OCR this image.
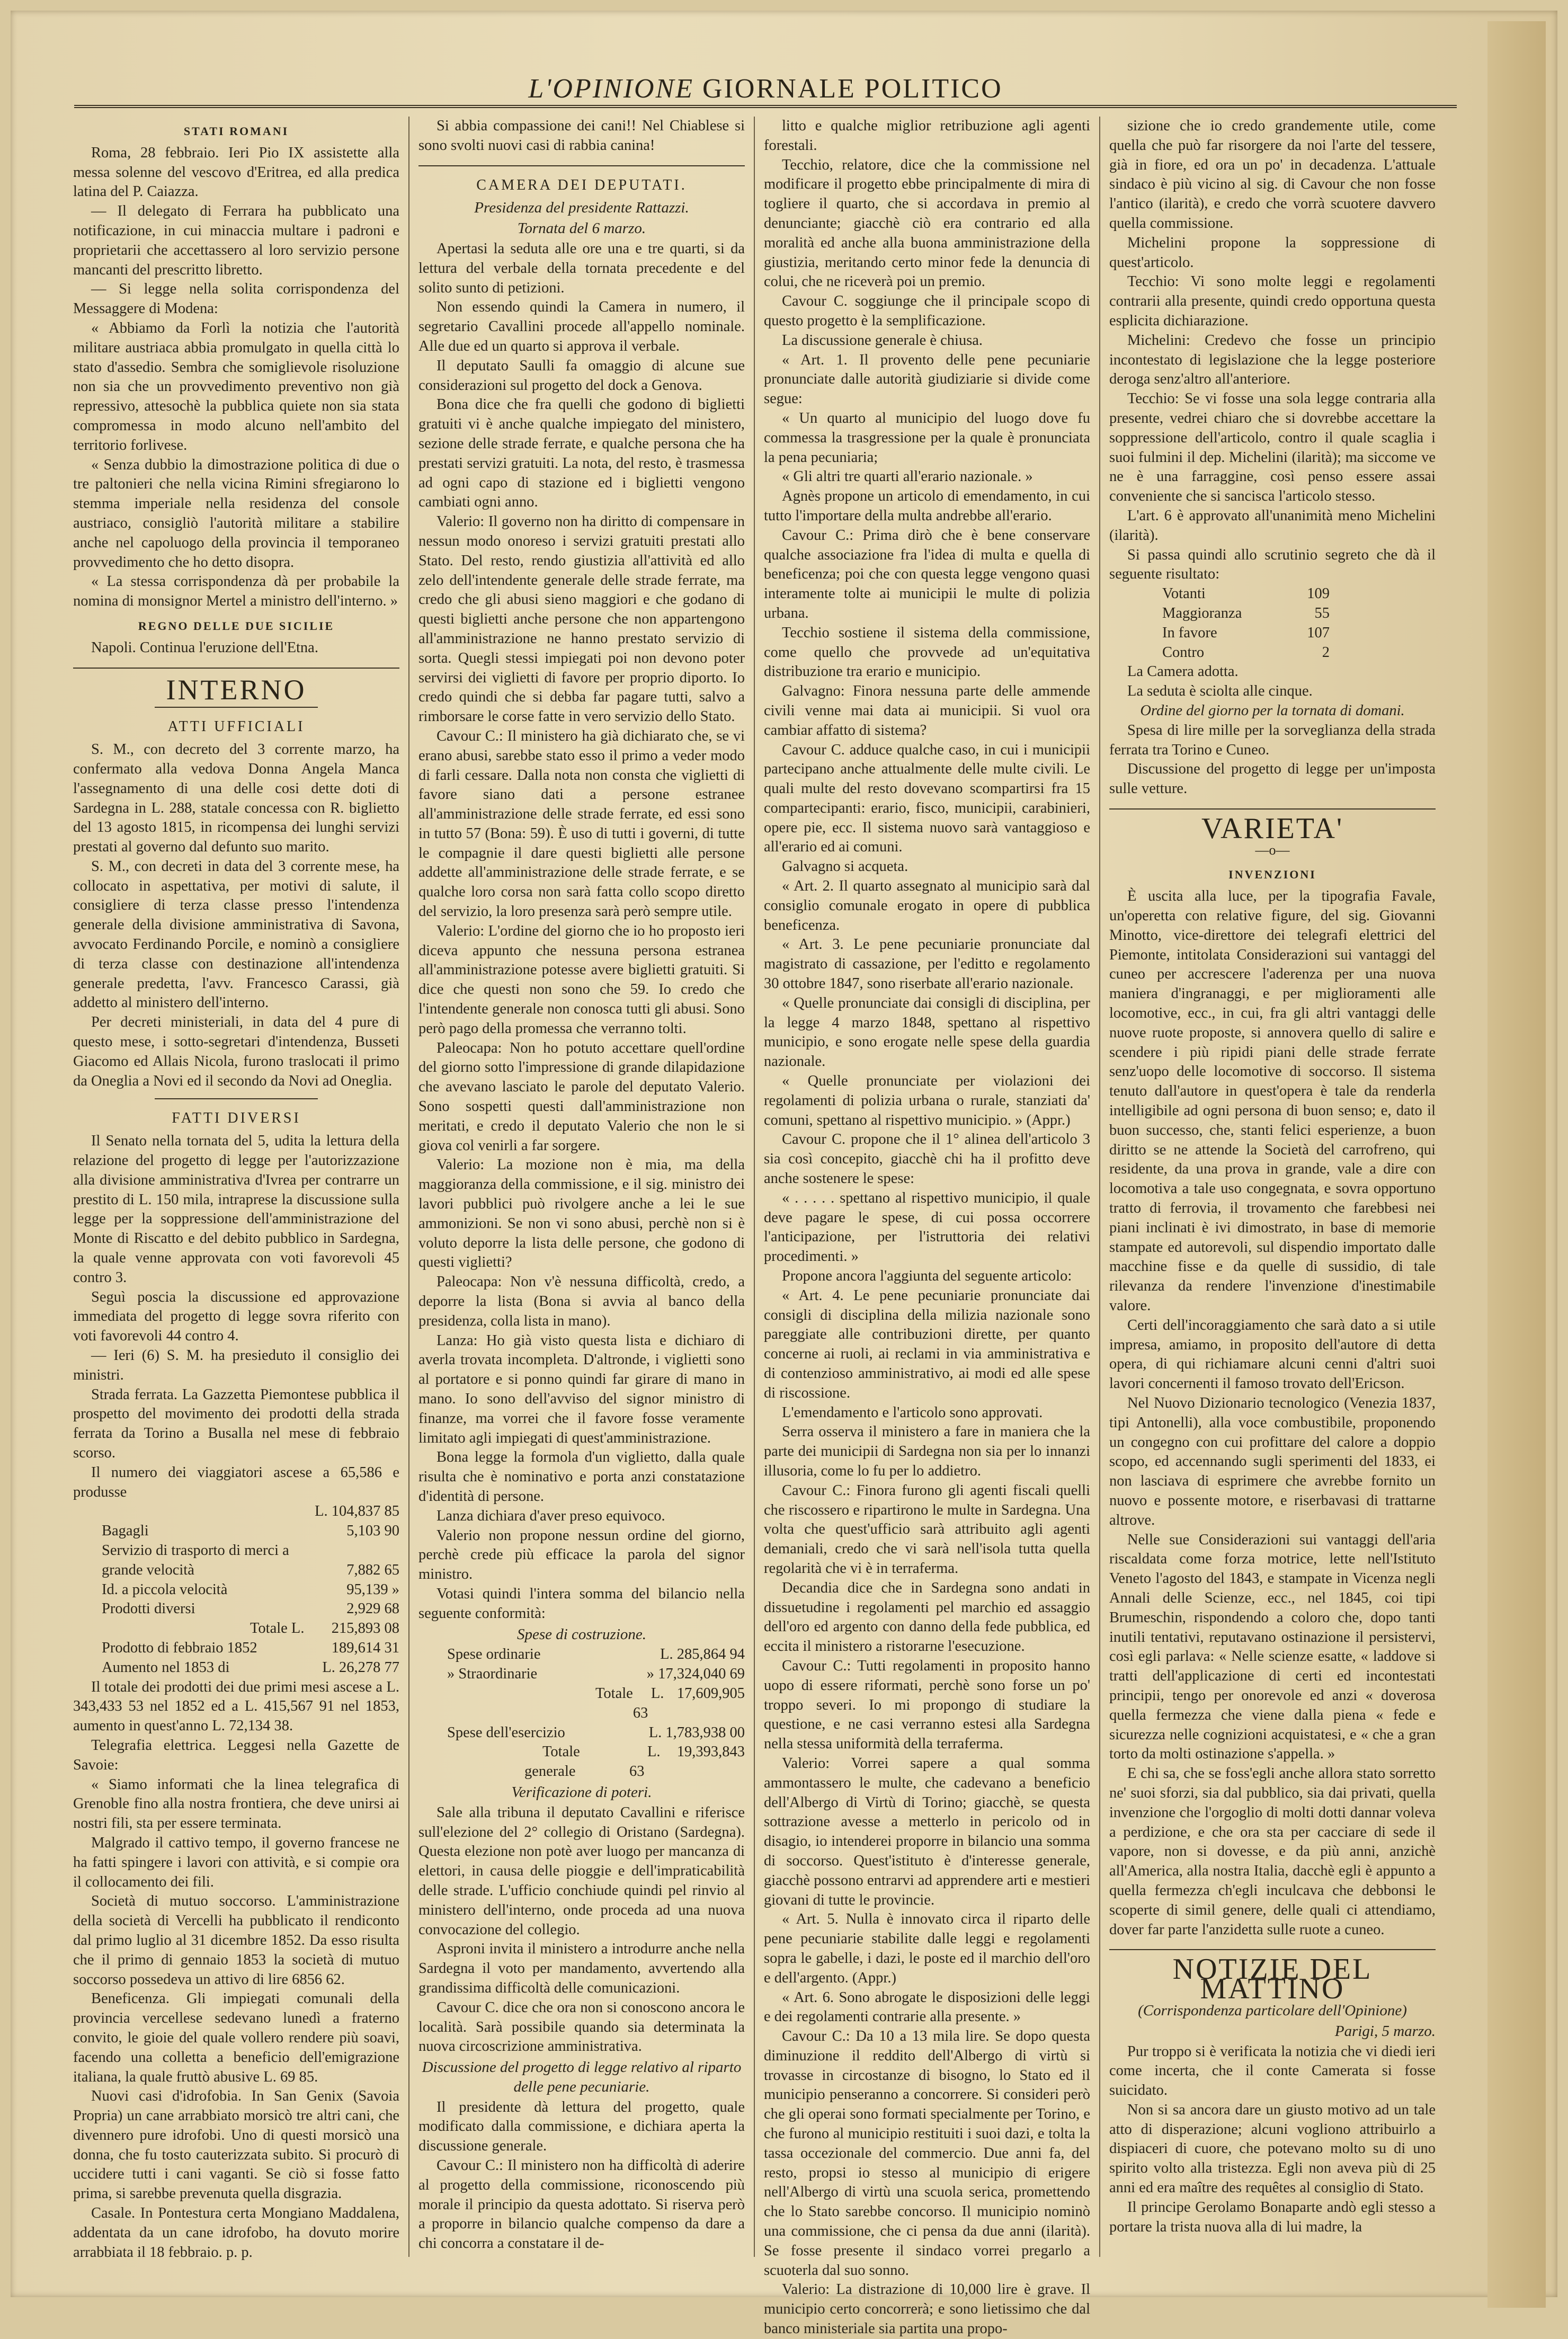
L'OPINIONE GIORNALE POLITICO
STATI ROMANI

Roma, 28 febbraio. Ieri Pio IX assistette alla messa solenne del vescovo d'Eritrea, ed alla predica latina del P. Caiazza.

— Il delegato di Ferrara ha pubblicato una notificazione, in cui minaccia multare i padroni e proprietarii che accettassero al loro servizio persone mancanti del prescritto libretto.

— Si legge nella solita corrispondenza del Messaggere di Modena:

« Abbiamo da Forlì la notizia che l'autorità militare austriaca abbia promulgato in quella città lo stato d'assedio. Sembra che somiglievole risoluzione non sia che un provvedimento preventivo non già repressivo, attesochè la pubblica quiete non sia stata compromessa in modo alcuno nell'ambito del territorio forlivese.

« Senza dubbio la dimostrazione politica di due o tre paltonieri che nella vicina Rimini sfregiarono lo stemma imperiale nella residenza del console austriaco, consigliò l'autorità militare a stabilire anche nel capoluogo della provincia il temporaneo provvedimento che ho detto disopra.

« La stessa corrispondenza dà per probabile la nomina di monsignor Mertel a ministro dell'interno. »

REGNO DELLE DUE SICILIE

Napoli. Continua l'eruzione dell'Etna.

INTERNO
ATTI UFFICIALI

S. M., con decreto del 3 corrente marzo, ha confermato alla vedova Donna Angela Manca l'assegnamento di una delle cosi dette doti di Sardegna in L. 288, statale concessa con R. biglietto del 13 agosto 1815, in ricompensa dei lunghi servizi prestati al governo dal defunto suo marito.

S. M., con decreti in data del 3 corrente mese, ha collocato in aspettativa, per motivi di salute, il consigliere di terza classe presso l'intendenza generale della divisione amministrativa di Savona, avvocato Ferdinando Porcile, e nominò a consigliere di terza classe con destinazione all'intendenza generale predetta, l'avv. Francesco Carassi, già addetto al ministero dell'interno.

Per decreti ministeriali, in data del 4 pure di questo mese, i sotto-segretari d'intendenza, Busseti Giacomo ed Allais Nicola, furono traslocati il primo da Oneglia a Novi ed il secondo da Novi ad Oneglia.

FATTI DIVERSI

Il Senato nella tornata del 5, udita la lettura della relazione del progetto di legge per l'autorizzazione alla divisione amministrativa d'Ivrea per contrarre un prestito di L. 150 mila, intraprese la discussione sulla legge per la soppressione dell'amministrazione del Monte di Riscatto e del debito pubblico in Sardegna, la quale venne approvata con voti favorevoli 45 contro 3.

Seguì poscia la discussione ed approvazione immediata del progetto di legge sovra riferito con voti favorevoli 44 contro 4.

— Ieri (6) S. M. ha presieduto il consiglio dei ministri.

Strada ferrata. La Gazzetta Piemontese pubblica il prospetto del movimento dei prodotti della strada ferrata da Torino a Busalla nel mese di febbraio scorso.

Il numero dei viaggiatori ascese a 65,586 e produsse

L. 104,837 85

Bagagli	5,103 90

Servizio di trasporto di merci a

grande velocità	7,882 65

Id. a piccola velocità	95,139 »

Prodotti diversi	2,929 68

Totale L.	215,893 08

Prodotto di febbraio 1852	189,614 31

Aumento nel 1853 di	L. 26,278 77

Il totale dei prodotti dei due primi mesi ascese a L. 343,433 53 nel 1852 ed a L. 415,567 91 nel 1853, aumento in quest'anno L. 72,134 38.

Telegrafia elettrica. Leggesi nella Gazette de Savoie:

« Siamo informati che la linea telegrafica di Grenoble fino alla nostra frontiera, che deve unirsi ai nostri fili, sta per essere terminata.

Malgrado il cattivo tempo, il governo francese ne ha fatti spingere i lavori con attività, e si compie ora il collocamento dei fili.

Società di mutuo soccorso. L'amministrazione della società di Vercelli ha pubblicato il rendiconto dal primo luglio al 31 dicembre 1852. Da esso risulta che il primo di gennaio 1853 la società di mutuo soccorso possedeva un attivo di lire 6856 62.

Beneficenza. Gli impiegati comunali della provincia vercellese sedevano lunedì a fraterno convito, le gioie del quale vollero rendere più soavi, facendo una colletta a beneficio dell'emigrazione italiana, la quale fruttò abusive L. 69 85.

Nuovi casi d'idrofobia. In San Genix (Savoia Propria) un cane arrabbiato morsicò tre altri cani, che divennero pure idrofobi. Uno di questi morsicò una donna, che fu tosto cauterizzata subito. Si procurò di uccidere tutti i cani vaganti. Se ciò si fosse fatto prima, si sarebbe prevenuta quella disgrazia.

Casale. In Pontestura certa Mongiano Maddalena, addentata da un cane idrofobo, ha dovuto morire arrabbiata il 18 febbraio. p. p.

Si abbia compassione dei cani!! Nel Chiablese si sono svolti nuovi casi di rabbia canina!

CAMERA DEI DEPUTATI.
Presidenza del presidente Rattazzi.
Tornata del 6 marzo.

Apertasi la seduta alle ore una e tre quarti, si da lettura del verbale della tornata precedente e del solito sunto di petizioni.

Non essendo quindi la Camera in numero, il segretario Cavallini procede all'appello nominale. Alle due ed un quarto si approva il verbale.

Il deputato Saulli fa omaggio di alcune sue considerazioni sul progetto del dock a Genova.

Bona dice che fra quelli che godono di biglietti gratuiti vi è anche qualche impiegato del ministero, sezione delle strade ferrate, e qualche persona che ha prestati servizi gratuiti. La nota, del resto, è trasmessa ad ogni capo di stazione ed i biglietti vengono cambiati ogni anno.

Valerio: Il governo non ha diritto di compensare in nessun modo onoreso i servizi gratuiti prestati allo Stato. Del resto, rendo giustizia all'attività ed allo zelo dell'intendente generale delle strade ferrate, ma credo che gli abusi sieno maggiori e che godano di questi biglietti anche persone che non appartengono all'amministrazione ne hanno prestato servizio di sorta. Quegli stessi impiegati poi non devono poter servirsi dei viglietti di favore per proprio diporto. Io credo quindi che si debba far pagare tutti, salvo a rimborsare le corse fatte in vero servizio dello Stato.

Cavour C.: Il ministero ha già dichiarato che, se vi erano abusi, sarebbe stato esso il primo a veder modo di farli cessare. Dalla nota non consta che viglietti di favore siano dati a persone estranee all'amministrazione delle strade ferrate, ed essi sono in tutto 57 (Bona: 59). È uso di tutti i governi, di tutte le compagnie il dare questi biglietti alle persone addette all'amministrazione delle strade ferrate, e se qualche loro corsa non sarà fatta collo scopo diretto del servizio, la loro presenza sarà però sempre utile.

Valerio: L'ordine del giorno che io ho proposto ieri diceva appunto che nessuna persona estranea all'amministrazione potesse avere biglietti gratuiti. Si dice che questi non sono che 59. Io credo che l'intendente generale non conosca tutti gli abusi. Sono però pago della promessa che verranno tolti.

Paleocapa: Non ho potuto accettare quell'ordine del giorno sotto l'impressione di grande dilapidazione che avevano lasciato le parole del deputato Valerio. Sono sospetti questi dall'amministrazione non meritati, e credo il deputato Valerio che non le si giova col venirli a far sorgere.

Valerio: La mozione non è mia, ma della maggioranza della commissione, e il sig. ministro dei lavori pubblici può rivolgere anche a lei le sue ammonizioni. Se non vi sono abusi, perchè non si è voluto deporre la lista delle persone, che godono di questi viglietti?

Paleocapa: Non v'è nessuna difficoltà, credo, a deporre la lista (Bona si avvia al banco della presidenza, colla lista in mano).

Lanza: Ho già visto questa lista e dichiaro di averla trovata incompleta. D'altronde, i viglietti sono al portatore e si ponno quindi far girare di mano in mano. Io sono dell'avviso del signor ministro di finanze, ma vorrei che il favore fosse veramente limitato agli impiegati di quest'amministrazione.

Bona legge la formola d'un viglietto, dalla quale risulta che è nominativo e porta anzi constatazione d'identità di persone.

Lanza dichiara d'aver preso equivoco.

Valerio non propone nessun ordine del giorno, perchè crede più efficace la parola del signor ministro.

Votasi quindi l'intera somma del bilancio nella seguente conformità:

Spese di costruzione.

Spese ordinarie	L. 285,864 94

» Straordinarie	» 17,324,040 69

Totale	L. 17,609,905 63

Spese dell'esercizio	L. 1,783,938 00

Totale generale
L. 19,393,843 63

Verificazione di poteri.

Sale alla tribuna il deputato Cavallini e riferisce sull'elezione del 2° collegio di Oristano (Sardegna). Questa elezione non potè aver luogo per mancanza di elettori, in causa delle pioggie e dell'impraticabilità delle strade. L'ufficio conchiude quindi pel rinvio al ministero dell'interno, onde proceda ad una nuova convocazione del collegio.

Asproni invita il ministero a introdurre anche nella Sardegna il voto per mandamento, avvertendo alla grandissima difficoltà delle comunicazioni.

Cavour C. dice che ora non si conoscono ancora le località. Sarà possibile quando sia determinata la nuova circoscrizione amministrativa.

Discussione del progetto di legge relativo al riparto delle pene pecuniarie.

Il presidente dà lettura del progetto, quale modificato dalla commissione, e dichiara aperta la discussione generale.

Cavour C.: Il ministero non ha difficoltà di aderire al progetto della commissione, riconoscendo più morale il principio da questa adottato. Si riserva però a proporre in bilancio qualche compenso da dare a chi concorra a constatare il de-

litto e qualche miglior retribuzione agli agenti forestali.

Tecchio, relatore, dice che la commissione nel modificare il progetto ebbe principalmente di mira di togliere il quarto, che si accordava in premio al denunciante; giacchè ciò era contrario ed alla moralità ed anche alla buona amministrazione della giustizia, meritando certo minor fede la denuncia di colui, che ne riceverà poi un premio.

Cavour C. soggiunge che il principale scopo di questo progetto è la semplificazione.

La discussione generale è chiusa.

« Art. 1. Il provento delle pene pecuniarie pronunciate dalle autorità giudiziarie si divide come segue:

« Un quarto al municipio del luogo dove fu commessa la trasgressione per la quale è pronunciata la pena pecuniaria;

« Gli altri tre quarti all'erario nazionale. »

Agnès propone un articolo di emendamento, in cui tutto l'importare della multa andrebbe all'erario.

Cavour C.: Prima dirò che è bene conservare qualche associazione fra l'idea di multa e quella di beneficenza; poi che con questa legge vengono quasi interamente tolte ai municipii le multe di polizia urbana.

Tecchio sostiene il sistema della commissione, come quello che provvede ad un'equitativa distribuzione tra erario e municipio.

Galvagno: Finora nessuna parte delle ammende civili venne mai data ai municipii. Si vuol ora cambiar affatto di sistema?

Cavour C. adduce qualche caso, in cui i municipii partecipano anche attualmente delle multe civili. Le quali multe del resto dovevano scompartirsi fra 15 compartecipanti: erario, fisco, municipii, carabinieri, opere pie, ecc. Il sistema nuovo sarà vantaggioso e all'erario ed ai comuni.

Galvagno si acqueta.

« Art. 2. Il quarto assegnato al municipio sarà dal consiglio comunale erogato in opere di pubblica beneficenza.

« Art. 3. Le pene pecuniarie pronunciate dal magistrato di cassazione, per l'editto e regolamento 30 ottobre 1847, sono riserbate all'erario nazionale.

« Quelle pronunciate dai consigli di disciplina, per la legge 4 marzo 1848, spettano al rispettivo municipio, e sono erogate nelle spese della guardia nazionale.

« Quelle pronunciate per violazioni dei regolamenti di polizia urbana o rurale, stanziati da' comuni, spettano al rispettivo municipio. » (Appr.)

Cavour C. propone che il 1° alinea dell'articolo 3 sia così concepito, giacchè chi ha il profitto deve anche sostenere le spese:

« . . . . . spettano al rispettivo municipio, il quale deve pagare le spese, di cui possa occorrere l'anticipazione, per l'istruttoria dei relativi procedimenti. »

Propone ancora l'aggiunta del seguente articolo:

« Art. 4. Le pene pecuniarie pronunciate dai consigli di disciplina della milizia nazionale sono pareggiate alle contribuzioni dirette, per quanto concerne ai ruoli, ai reclami in via amministrativa e di contenzioso amministrativo, ai modi ed alle spese di riscossione.

L'emendamento e l'articolo sono approvati.

Serra osserva il ministero a fare in maniera che la parte dei municipii di Sardegna non sia per lo innanzi illusoria, come lo fu per lo addietro.

Cavour C.: Finora furono gli agenti fiscali quelli che riscossero e ripartirono le multe in Sardegna. Una volta che quest'ufficio sarà attribuito agli agenti demaniali, credo che vi sarà nell'isola tutta quella regolarità che vi è in terraferma.

Decandia dice che in Sardegna sono andati in dissuetudine i regolamenti pel marchio ed assaggio dell'oro ed argento con danno della fede pubblica, ed eccita il ministero a ristorarne l'esecuzione.

Cavour C.: Tutti regolamenti in proposito hanno uopo di essere riformati, perchè sono forse un po' troppo severi. Io mi propongo di studiare la questione, e ne casi verranno estesi alla Sardegna nella stessa uniformità della terraferma.

Valerio: Vorrei sapere a qual somma ammontassero le multe, che cadevano a beneficio dell'Albergo di Virtù di Torino; giacchè, se questa sottrazione avesse a metterlo in pericolo od in disagio, io intenderei proporre in bilancio una somma di soccorso. Quest'istituto è d'interesse generale, giacchè possono entrarvi ad apprendere arti e mestieri giovani di tutte le provincie.

« Art. 5. Nulla è innovato circa il riparto delle pene pecuniarie stabilite dalle leggi e regolamenti sopra le gabelle, i dazi, le poste ed il marchio dell'oro e dell'argento. (Appr.)

« Art. 6. Sono abrogate le disposizioni delle leggi e dei regolamenti contrarie alla presente. »

Cavour C.: Da 10 a 13 mila lire. Se dopo questa diminuzione il reddito dell'Albergo di virtù si trovasse in circostanze di bisogno, lo Stato ed il municipio penseranno a concorrere. Si consideri però che gli operai sono formati specialmente per Torino, e che furono al municipio restituiti i suoi dazi, e tolta la tassa occezionale del commercio. Due anni fa, del resto, propsi io stesso al municipio di erigere nell'Albergo di virtù una scuola serica, promettendo che lo Stato sarebbe concorso. Il municipio nominò una commissione, che ci pensa da due anni (ilarità). Se fosse presente il sindaco vorrei pregarlo a scuoterla dal suo sonno.

Valerio: La distrazione di 10,000 lire è grave. Il municipio certo concorrerà; e sono lietissimo che dal banco ministeriale sia partita una propo-

sizione che io credo grandemente utile, come quella che può far risorgere da noi l'arte del tessere, già in fiore, ed ora un po' in decadenza. L'attuale sindaco è più vicino al sig. di Cavour che non fosse l'antico (ilarità), e credo che vorrà scuotere davvero quella commissione.

Michelini propone la soppressione di quest'articolo.

Tecchio: Vi sono molte leggi e regolamenti contrarii alla presente, quindi credo opportuna questa esplicita dichiarazione.

Michelini: Credevo che fosse un principio incontestato di legislazione che la legge posteriore deroga senz'altro all'anteriore.

Tecchio: Se vi fosse una sola legge contraria alla presente, vedrei chiaro che si dovrebbe accettare la soppressione dell'articolo, contro il quale scaglia i suoi fulmini il dep. Michelini (ilarità); ma siccome ve ne è una farraggine, così penso essere assai conveniente che si sancisca l'articolo stesso.

L'art. 6 è approvato all'unanimità meno Michelini (ilarità).

Si passa quindi allo scrutinio segreto che dà il seguente risultato:

Votanti	109

Maggioranza	55

In favore	107

Contro	2

La Camera adotta.

La seduta è sciolta alle cinque.

Ordine del giorno per la tornata di domani.

Spesa di lire mille per la sorveglianza della strada ferrata tra Torino e Cuneo.

Discussione del progetto di legge per un'imposta sulle vetture.

VARIETA'
—o—
INVENZIONI

È uscita alla luce, per la tipografia Favale, un'operetta con relative figure, del sig. Giovanni Minotto, vice-direttore dei telegrafi elettrici del Piemonte, intitolata Considerazioni sui vantaggi del cuneo per accrescere l'aderenza per una nuova maniera d'ingranaggi, e per miglioramenti alle locomotive, ecc., in cui, fra gli altri vantaggi delle nuove ruote proposte, si annovera quello di salire e scendere i più ripidi piani delle strade ferrate senz'uopo delle locomotive di soccorso. Il sistema tenuto dall'autore in quest'opera è tale da renderla intelligibile ad ogni persona di buon senso; e, dato il buon successo, che, stanti felici esperienze, a buon diritto se ne attende la Società del carrofreno, qui residente, da una prova in grande, vale a dire con locomotiva a tale uso congegnata, e sovra opportuno tratto di ferrovia, il trovamento che farebbesi nei piani inclinati è ivi dimostrato, in base di memorie stampate ed autorevoli, sul dispendio importato dalle macchine fisse e da quelle di sussidio, di tale rilevanza da rendere l'invenzione d'inestimabile valore.

Certi dell'incoraggiamento che sarà dato a si utile impresa, amiamo, in proposito dell'autore di detta opera, di qui richiamare alcuni cenni d'altri suoi lavori concernenti il famoso trovato dell'Ericson.

Nel Nuovo Dizionario tecnologico (Venezia 1837, tipi Antonelli), alla voce combustibile, proponendo un congegno con cui profittare del calore a doppio scopo, ed accennando sugli sperimenti del 1833, ei non lasciava di esprimere che avrebbe fornito un nuovo e possente motore, e riserbavasi di trattarne altrove.

Nelle sue Considerazioni sui vantaggi dell'aria riscaldata come forza motrice, lette nell'Istituto Veneto l'agosto del 1843, e stampate in Vicenza negli Annali delle Scienze, ecc., nel 1845, coi tipi Brumeschin, rispondendo a coloro che, dopo tanti inutili tentativi, reputavano ostinazione il persistervi, così egli parlava: « Nelle scienze esatte, « laddove si tratti dell'applicazione di certi ed incontestati principii, tengo per onorevole ed anzi « doverosa quella fermezza che viene dalla piena « fede e sicurezza nelle cognizioni acquistatesi, e « che a gran torto da molti ostinazione s'appella. »

E chi sa, che se foss'egli anche allora stato sorretto ne' suoi sforzi, sia dal pubblico, sia dai privati, quella invenzione che l'orgoglio di molti dotti dannar voleva a perdizione, e che ora sta per cacciare di sede il vapore, non si dovesse, e da più anni, anzichè all'America, alla nostra Italia, dacchè egli è appunto a quella fermezza ch'egli inculcava che debbonsi le scoperte di simil genere, delle quali ci attendiamo, dover far parte l'anzidetta sulle ruote a cuneo.

NOTIZIE DEL MATTINO
(Corrispondenza particolare dell'Opinione)
Parigi, 5 marzo.

Pur troppo si è verificata la notizia che vi diedi ieri come incerta, che il conte Camerata si fosse suicidato.

Non si sa ancora dare un giusto motivo ad un tale atto di disperazione; alcuni vogliono attribuirlo a dispiaceri di cuore, che potevano molto su di uno spirito volto alla tristezza. Egli non aveva più di 25 anni ed era maître des requêtes al consiglio di Stato.

Il principe Gerolamo Bonaparte andò egli stesso a portare la trista nuova alla di lui madre, la
